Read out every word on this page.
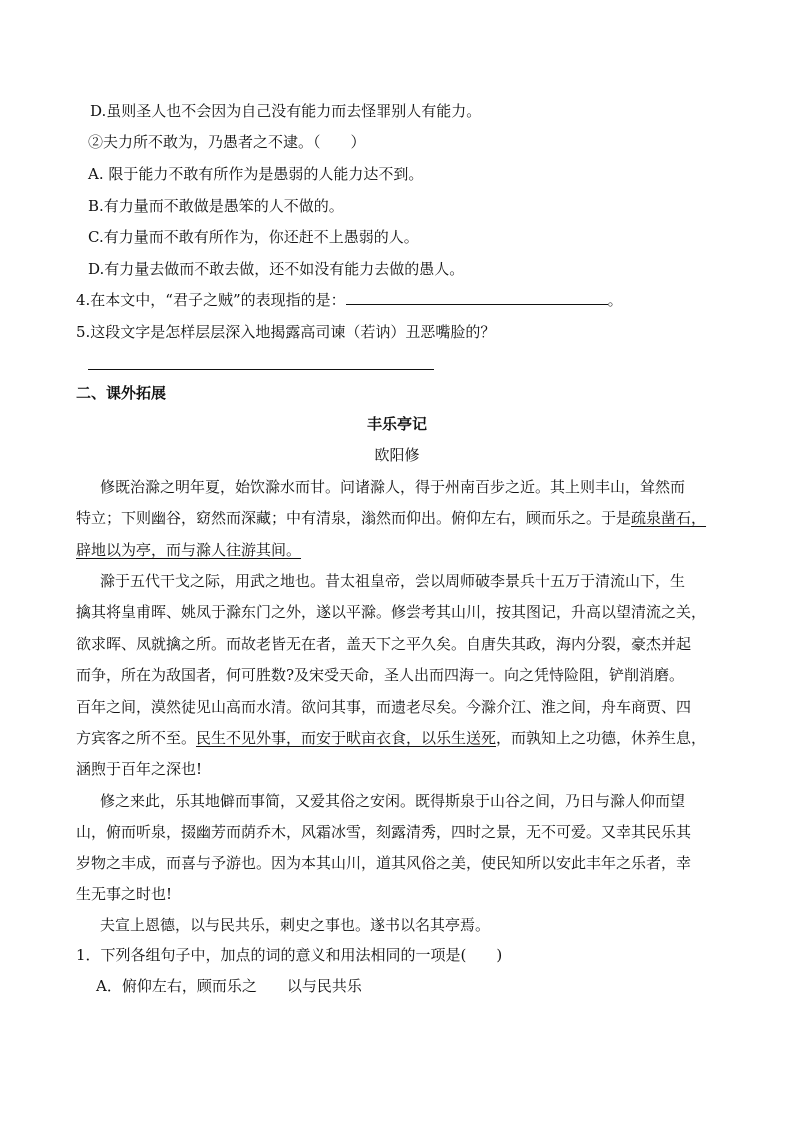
D.虽则圣人也不会因为自己没有能力而去怪罪别人有能力。
②夫力所不敢为，乃愚者之不逮。（　　）
A. 限于能力不敢有所作为是愚弱的人能力达不到。
B.有力量而不敢做是愚笨的人不做的。
C.有力量而不敢有所作为，你还赶不上愚弱的人。
D.有力量去做而不敢去做，还不如没有能力去做的愚人。
4.在本文中，“君子之贼”的表现指的是：	。
5.这段文字是怎样层层深入地揭露高司谏（若讷）丑恶嘴脸的？
二、课外拓展
丰乐亭记
欧阳修
修既治滁之明年夏，始饮滁水而甘。问诸滁人，得于州南百步之近。其上则丰山，耸然而
特立；下则幽谷，窈然而深藏；中有清泉，滃然而仰出。俯仰左右，顾而乐之。于是疏泉凿石，
辟地以为亭，而与滁人往游其间。
滁于五代干戈之际，用武之地也。昔太祖皇帝，尝以周师破李景兵十五万于清流山下，生
擒其将皇甫晖、姚凤于滁东门之外，遂以平滁。修尝考其山川，按其图记，升高以望清流之关，
欲求晖、凤就擒之所。而故老皆无在者，盖天下之平久矣。自唐失其政，海内分裂，豪杰并起
而争，所在为敌国者，何可胜数?及宋受天命，圣人出而四海一。向之凭恃险阻，铲削消磨。
百年之间，漠然徒见山高而水清。欲问其事，而遗老尽矣。今滁介江、淮之间，舟车商贾、四
方宾客之所不至。民生不见外事，而安于畎亩衣食，以乐生送死，而孰知上之功德，休养生息，
涵煦于百年之深也!
修之来此，乐其地僻而事简，又爱其俗之安闲。既得斯泉于山谷之间，乃日与滁人仰而望
山，俯而听泉，掇幽芳而荫乔木，风霜冰雪，刻露清秀，四时之景，无不可爱。又幸其民乐其
岁物之丰成，而喜与予游也。因为本其山川，道其风俗之美，使民知所以安此丰年之乐者，幸
生无事之时也!
夫宣上恩德，以与民共乐，刺史之事也。遂书以名其亭焉。
1．下列各组句子中，加点的词的意义和用法相同的一项是(　　)
A．俯仰左右，顾而乐之　　以与民共乐
